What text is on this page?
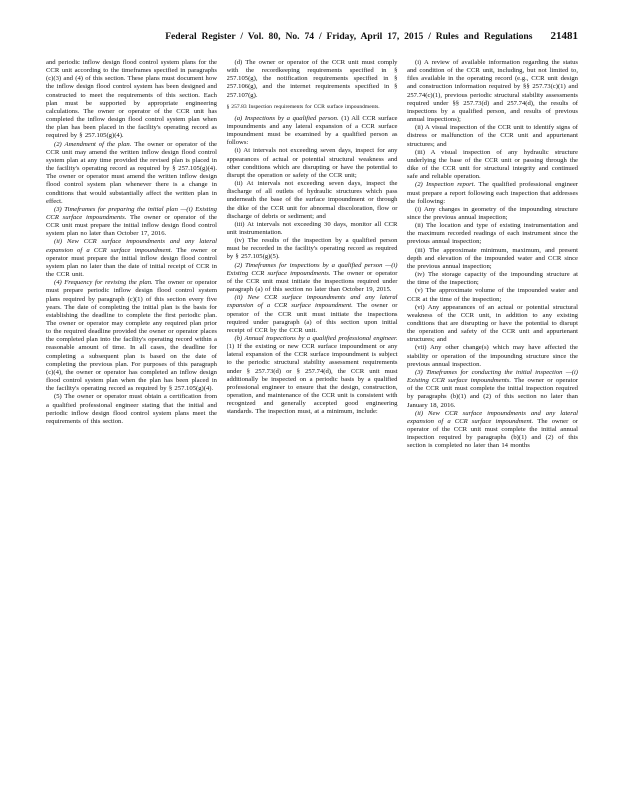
Federal Register / Vol. 80, No. 74 / Friday, April 17, 2015 / Rules and Regulations	21481

and periodic inflow design flood control system plans for the CCR unit according to the timeframes specified in paragraphs (c)(3) and (4) of this section. These plans must document how the inflow design flood control system has been designed and constructed to meet the requirements of this section. Each plan must be supported by appropriate engineering calculations. The owner or operator of the CCR unit has completed the inflow design flood control system plan when the plan has been placed in the facility's operating record as required by § 257.105(g)(4).

(2) Amendment of the plan. The owner or operator of the CCR unit may amend the written inflow design flood control system plan at any time provided the revised plan is placed in the facility's operating record as required by § 257.105(g)(4). The owner or operator must amend the written inflow design flood control system plan whenever there is a change in conditions that would substantially affect the written plan in effect.

(3) Timeframes for preparing the initial plan —(i) Existing CCR surface impoundments. The owner or operator of the CCR unit must prepare the initial inflow design flood control system plan no later than October 17, 2016.

(ii) New CCR surface impoundments and any lateral expansion of a CCR surface impoundment. The owner or operator must prepare the initial inflow design flood control system plan no later than the date of initial receipt of CCR in the CCR unit.

(4) Frequency for revising the plan. The owner or operator must prepare periodic inflow design flood control system plans required by paragraph (c)(1) of this section every five years. The date of completing the initial plan is the basis for establishing the deadline to complete the first periodic plan. The owner or operator may complete any required plan prior to the required deadline provided the owner or operator places the completed plan into the facility's operating record within a reasonable amount of time. In all cases, the deadline for completing a subsequent plan is based on the date of completing the previous plan. For purposes of this paragraph (c)(4), the owner or operator has completed an inflow design flood control system plan when the plan has been placed in the facility's operating record as required by § 257.105(g)(4).

(5) The owner or operator must obtain a certification from a qualified professional engineer stating that the initial and periodic inflow design flood control system plans meet the requirements of this section.

(d) The owner or operator of the CCR unit must comply with the recordkeeping requirements specified in § 257.105(g), the notification requirements specified in § 257.106(g), and the internet requirements specified in § 257.107(g).

§ 257.83 Inspection requirements for CCR surface impoundments.

(a) Inspections by a qualified person. (1) All CCR surface impoundments and any lateral expansion of a CCR surface impoundment must be examined by a qualified person as follows:

(i) At intervals not exceeding seven days, inspect for any appearances of actual or potential structural weakness and other conditions which are disrupting or have the potential to disrupt the operation or safety of the CCR unit;

(ii) At intervals not exceeding seven days, inspect the discharge of all outlets of hydraulic structures which pass underneath the base of the surface impoundment or through the dike of the CCR unit for abnormal discoloration, flow or discharge of debris or sediment; and

(iii) At intervals not exceeding 30 days, monitor all CCR unit instrumentation.

(iv) The results of the inspection by a qualified person must be recorded in the facility's operating record as required by § 257.105(g)(5).

(2) Timeframes for inspections by a qualified person —(i) Existing CCR surface impoundments. The owner or operator of the CCR unit must initiate the inspections required under paragraph (a) of this section no later than October 19, 2015.

(ii) New CCR surface impoundments and any lateral expansion of a CCR surface impoundment. The owner or operator of the CCR unit must initiate the inspections required under paragraph (a) of this section upon initial receipt of CCR by the CCR unit.

(b) Annual inspections by a qualified professional engineer. (1) If the existing or new CCR surface impoundment or any lateral expansion of the CCR surface impoundment is subject to the periodic structural stability assessment requirements under § 257.73(d) or § 257.74(d), the CCR unit must additionally be inspected on a periodic basis by a qualified professional engineer to ensure that the design, construction, operation, and maintenance of the CCR unit is consistent with recognized and generally accepted good engineering standards. The inspection must, at a minimum, include:

(i) A review of available information regarding the status and condition of the CCR unit, including, but not limited to, files available in the operating record (e.g., CCR unit design and construction information required by §§ 257.73(c)(1) and 257.74(c)(1), previous periodic structural stability assessments required under §§ 257.73(d) and 257.74(d), the results of inspections by a qualified person, and results of previous annual inspections);

(ii) A visual inspection of the CCR unit to identify signs of distress or malfunction of the CCR unit and appurtenant structures; and

(iii) A visual inspection of any hydraulic structure underlying the base of the CCR unit or passing through the dike of the CCR unit for structural integrity and continued safe and reliable operation.

(2) Inspection report. The qualified professional engineer must prepare a report following each inspection that addresses the following:

(i) Any changes in geometry of the impounding structure since the previous annual inspection;

(ii) The location and type of existing instrumentation and the maximum recorded readings of each instrument since the previous annual inspection;

(iii) The approximate minimum, maximum, and present depth and elevation of the impounded water and CCR since the previous annual inspection;

(iv) The storage capacity of the impounding structure at the time of the inspection;

(v) The approximate volume of the impounded water and CCR at the time of the inspection;

(vi) Any appearances of an actual or potential structural weakness of the CCR unit, in addition to any existing conditions that are disrupting or have the potential to disrupt the operation and safety of the CCR unit and appurtenant structures; and

(vii) Any other change(s) which may have affected the stability or operation of the impounding structure since the previous annual inspection.

(3) Timeframes for conducting the initial inspection —(i) Existing CCR surface impoundments. The owner or operator of the CCR unit must complete the initial inspection required by paragraphs (b)(1) and (2) of this section no later than January 18, 2016.

(ii) New CCR surface impoundments and any lateral expansion of a CCR surface impoundment. The owner or operator of the CCR unit must complete the initial annual inspection required by paragraphs (b)(1) and (2) of this section is completed no later than 14 months
